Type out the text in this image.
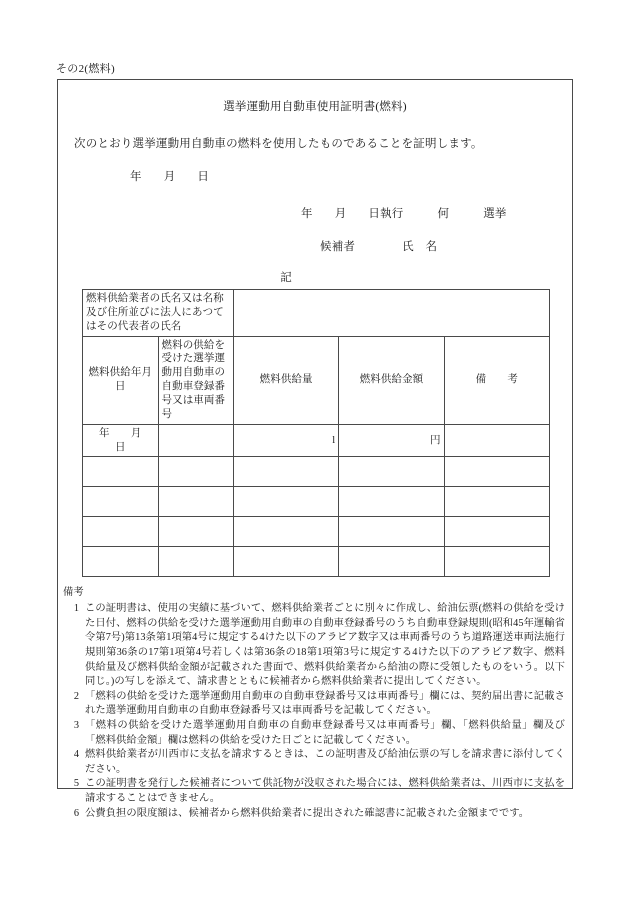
その2(燃料)
選挙運動用自動車使用証明書(燃料)
次のとおり選挙運動用自動車の燃料を使用したものであることを証明します。
年 月 日
年 月 日執行	何	選挙
候補者	氏　名
記
燃料供給業者の氏名又は名称及び住所並びに法人にあつてはその代表者の氏名				
燃料供給年月日	燃料の供給を受けた選挙運動用自動車の自動車登録番号又は車両番号	燃料供給量	燃料供給金額	備　　考
年　　月　　日		l	円	

備考
1 この証明書は、使用の実績に基づいて、燃料供給業者ごとに別々に作成し、給油伝票(燃料の供給を受けた日付、燃料の供給を受けた選挙運動用自動車の自動車登録番号のうち自動車登録規則(昭和45年運輸省令第7号)第13条第1項第4号に規定する4けた以下のアラビア数字又は車両番号のうち道路運送車両法施行規則第36条の17第1項第4号若しくは第36条の18第1項第3号に規定する4けた以下のアラビア数字、燃料供給量及び燃料供給金額が記載された書面で、燃料供給業者から給油の際に受領したものをいう。以下同じ。)の写しを添えて、請求書とともに候補者から燃料供給業者に提出してください。
2 「燃料の供給を受けた選挙運動用自動車の自動車登録番号又は車両番号」欄には、契約届出書に記載された選挙運動用自動車の自動車登録番号又は車両番号を記載してください。
3 「燃料の供給を受けた選挙運動用自動車の自動車登録番号又は車両番号」欄、「燃料供給量」欄及び「燃料供給金額」欄は燃料の供給を受けた日ごとに記載してください。
4 燃料供給業者が川西市に支払を請求するときは、この証明書及び給油伝票の写しを請求書に添付してください。
5 この証明書を発行した候補者について供託物が没収された場合には、燃料供給業者は、川西市に支払を請求することはできません。
6 公費負担の限度額は、候補者から燃料供給業者に提出された確認書に記載された金額までです。
